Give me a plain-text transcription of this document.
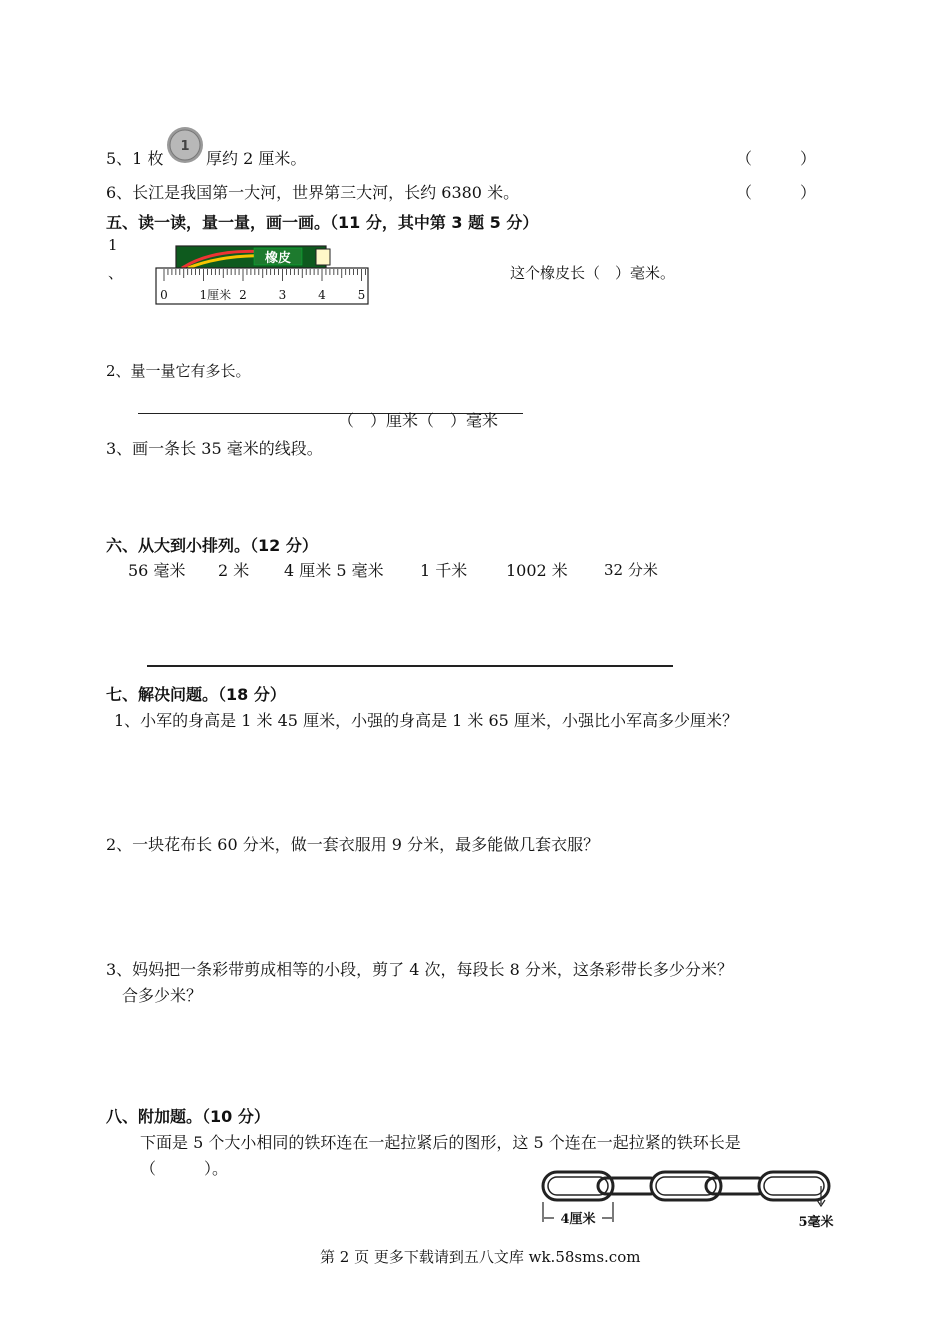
5、1 枚
1
厚约 2 厘米。	（　　　）
6、长江是我国第一大河，世界第三大河，长约 6380 米。	（　　　）
五、读一读，量一量，画一画。（11 分，其中第 3 题 5 分）
1
、
橡皮
0	1厘米 2	3	4	5
这个橡皮长（　）毫米。
2、量一量它有多长。
（　）厘米（　）毫米
3、画一条长 35 毫米的线段。
六、从大到小排列。（12 分）
56 毫米 2 米 4 厘米 5 毫米 1 千米 1002 米 32 分米
七、解决问题。（18 分）
1、小军的身高是 1 米 45 厘米，小强的身高是 1 米 65 厘米，小强比小军高多少厘米？
2、一块花布长 60 分米，做一套衣服用 9 分米，最多能做几套衣服？
3、妈妈把一条彩带剪成相等的小段，剪了 4 次，每段长 8 分米，这条彩带长多少分米？
合多少米？
八、附加题。（10 分）
下面是 5 个大小相同的铁环连在一起拉紧后的图形，这 5 个连在一起拉紧的铁环长是
（　　　）。
4厘米	5毫米
第 2 页 更多下载请到五八文库 wk.58sms.com
